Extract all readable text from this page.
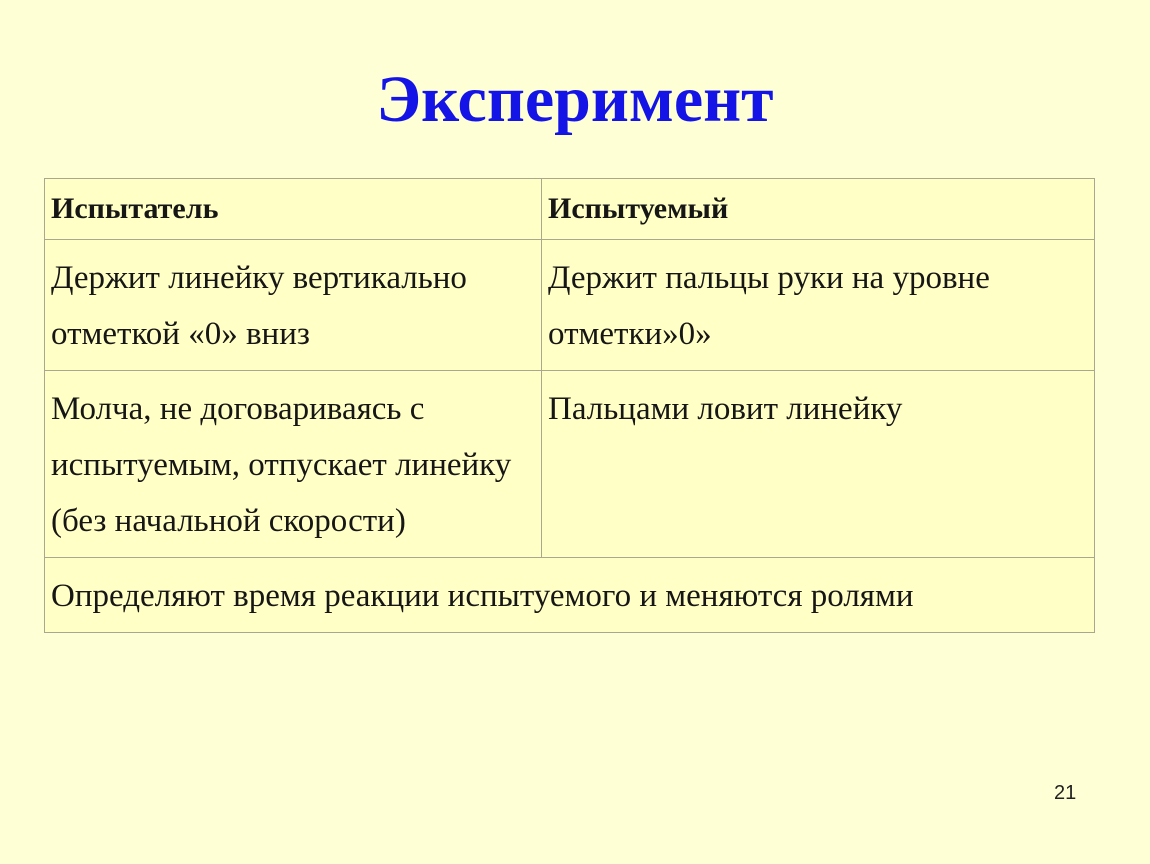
Эксперимент
Испытатель	Испытуемый
Держит линейку вертикально отметкой «0» вниз	Держит пальцы руки на уровне отметки»0»
Молча, не договариваясь с испытуемым, отпускает линейку (без начальной скорости)	Пальцами ловит линейку
Определяют время реакции испытуемого и меняются ролями	
21
